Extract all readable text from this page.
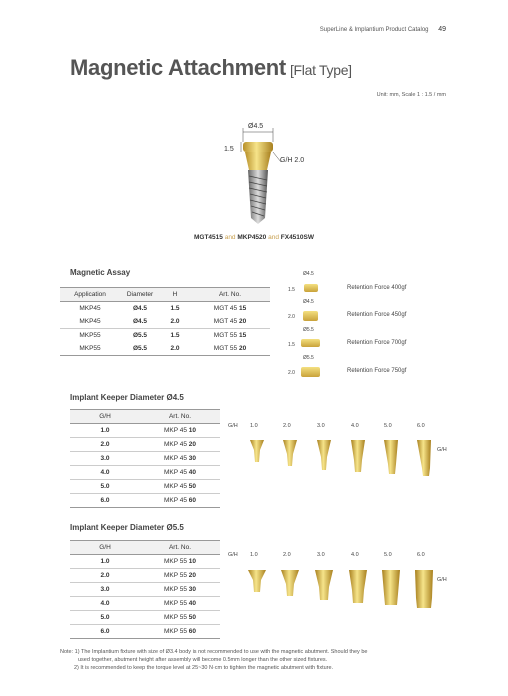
SuperLine & Implantium Product Catalog 49
Magnetic Attachment [Flat Type]
Unit: mm, Scale 1 : 1.5 / mm
Ø4.5
1.5
G/H 2.0
MGT4515 and MKP4520 and FX4510SW
Magnetic Assay
Application	Diameter	H	Art. No.
MKP45	Ø4.5	1.5	MGT 45 15
MKP45	Ø4.5	2.0	MGT 45 20
MKP55	Ø5.5	1.5	MGT 55 15
MKP55	Ø5.5	2.0	MGT 55 20
Ø4.5
1.5	Retention Force 400gf
Ø4.5
2.0	Retention Force 450gf
Ø5.5
1.5	Retention Force 700gf
Ø5.5
2.0	Retention Force 750gf
Implant Keeper Diameter Ø4.5
G/H	Art. No.
1.0	MKP 45 10
2.0	MKP 45 20
3.0	MKP 45 30
4.0	MKP 45 40
5.0	MKP 45 50
6.0	MKP 45 60
G/H 1.0	2.0	3.0	4.0	5.0	6.0
G/H
Implant Keeper Diameter Ø5.5
G/H	Art. No.
1.0	MKP 55 10
2.0	MKP 55 20
3.0	MKP 55 30
4.0	MKP 55 40
5.0	MKP 55 50
6.0	MKP 55 60
G/H 1.0	2.0	3.0	4.0	5.0	6.0
G/H
Note: 1) The Implantium fixture with size of Ø3.4 body is not recommended to use with the magnetic abutment. Should they be
used together, abutment height after assembly will become 0.5mm longer than the other sized fixtures.
2) It is recommended to keep the torque level at 25~30 N·cm to tighten the magnetic abutment with fixture.
